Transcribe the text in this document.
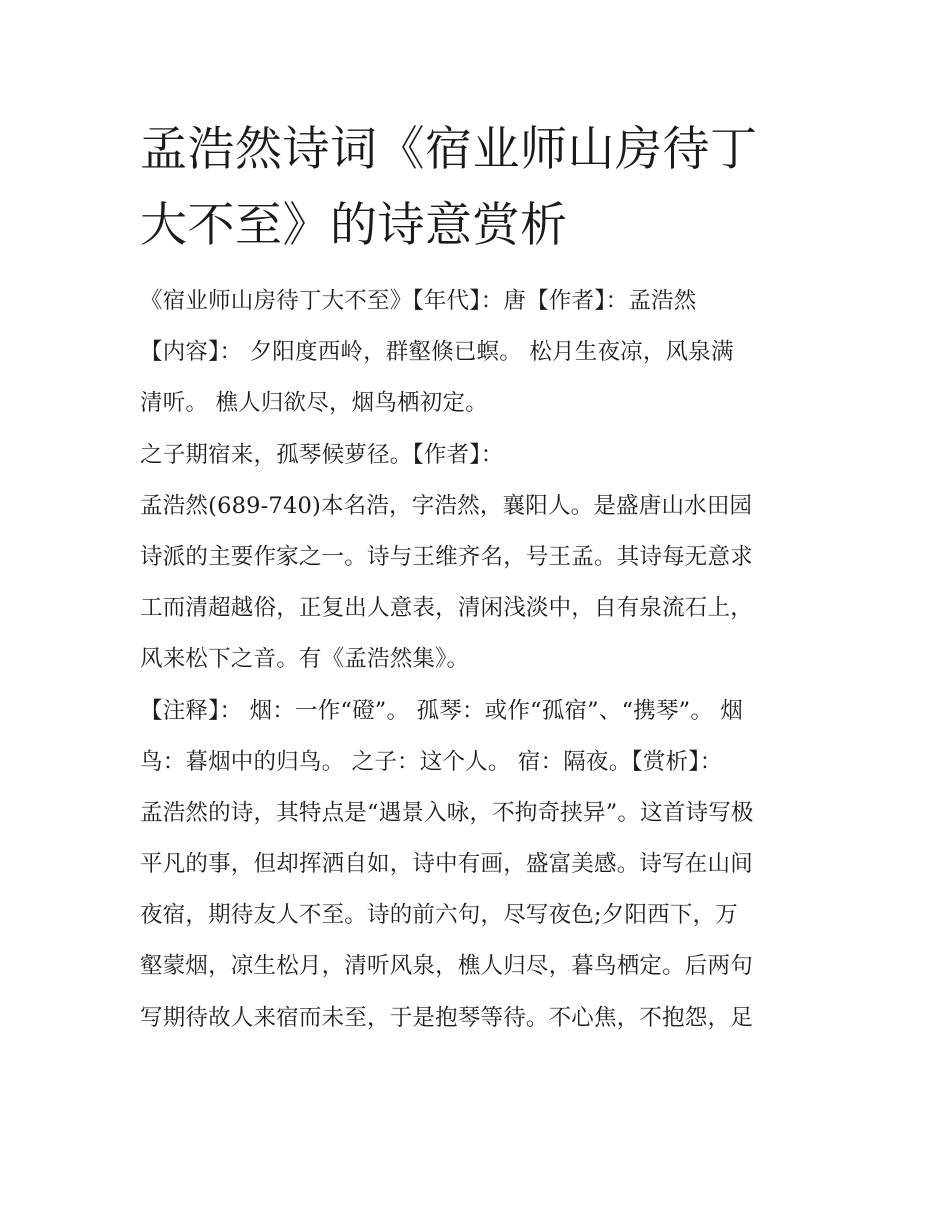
孟浩然诗词《宿业师山房待丁
大不至》的诗意赏析
《宿业师山房待丁大不至》【年代】：唐【作者】：孟浩然
【内容】： 夕阳度西岭，群壑倏已螟。 松月生夜凉，风泉满
清听。 樵人归欲尽，烟鸟栖初定。
之子期宿来，孤琴候萝径。【作者】：
孟浩然(689-740)本名浩，字浩然，襄阳人。是盛唐山水田园
诗派的主要作家之一。诗与王维齐名，号王孟。其诗每无意求
工而清超越俗，正复出人意表，清闲浅淡中，自有泉流石上，
风来松下之音。有《孟浩然集》。
【注释】： 烟：一作“磴”。 孤琴：或作“孤宿”、“携琴”。 烟
鸟：暮烟中的归鸟。 之子：这个人。 宿：隔夜。【赏析】：
孟浩然的诗，其特点是“遇景入咏，不拘奇挟异”。这首诗写极
平凡的事，但却挥洒自如，诗中有画，盛富美感。诗写在山间
夜宿，期待友人不至。诗的前六句，尽写夜色;夕阳西下，万
壑蒙烟，凉生松月，清听风泉，樵人归尽，暮鸟栖定。后两句
写期待故人来宿而未至，于是抱琴等待。不心焦，不抱怨，足
